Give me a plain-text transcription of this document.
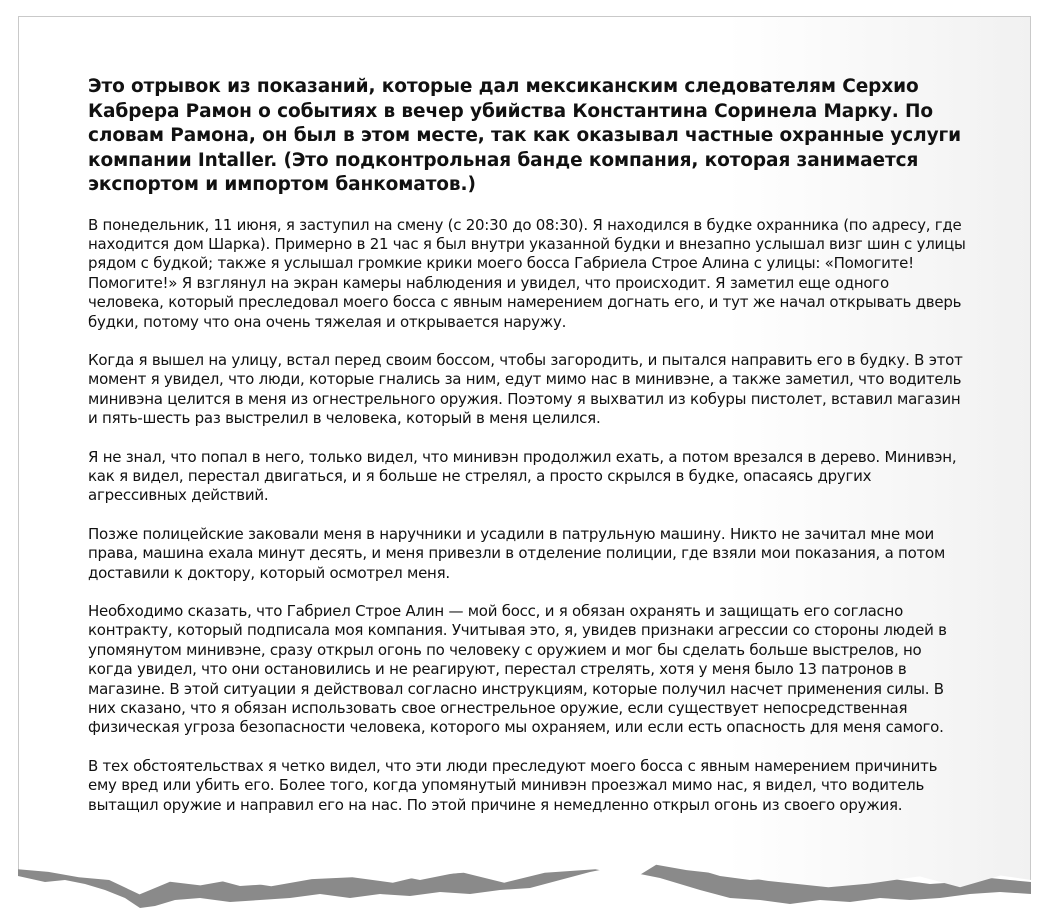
Это отрывок из показаний, которые дал мексиканским следователям Серхио Кабрера Рамон о событиях в вечер убийства Константина Соринела Марку. По словам Рамона, он был в этом месте, так как оказывал частные охранные услуги компании Intaller. (Это подконтрольная банде компания, которая занимается экспортом и импортом банкоматов.)

В понедельник, 11 июня, я заступил на смену (с 20:30 до 08:30). Я находился в будке охранника (по адресу, где находится дом Шарка). Примерно в 21 час я был внутри указанной будки и внезапно услышал визг шин с улицы рядом с будкой; также я услышал громкие крики моего босса Габриела Строе Алина с улицы: «Помогите! Помогите!» Я взглянул на экран камеры наблюдения и увидел, что происходит. Я заметил еще одного человека, который преследовал моего босса с явным намерением догнать его, и тут же начал открывать дверь будки, потому что она очень тяжелая и открывается наружу.

Когда я вышел на улицу, встал перед своим боссом, чтобы загородить, и пытался направить его в будку. В этот момент я увидел, что люди, которые гнались за ним, едут мимо нас в минивэне, а также заметил, что водитель минивэна целится в меня из огнестрельного оружия. Поэтому я выхватил из кобуры пистолет, вставил магазин и пять-шесть раз выстрелил в человека, который в меня целился.

Я не знал, что попал в него, только видел, что минивэн продолжил ехать, а потом врезался в дерево. Минивэн, как я видел, перестал двигаться, и я больше не стрелял, а просто скрылся в будке, опасаясь других агрессивных действий.

Позже полицейские заковали меня в наручники и усадили в патрульную машину. Никто не зачитал мне мои права, машина ехала минут десять, и меня привезли в отделение полиции, где взяли мои показания, а потом доставили к доктору, который осмотрел меня.

Необходимо сказать, что Габриел Строе Алин — мой босс, и я обязан охранять и защищать его согласно контракту, который подписала моя компания. Учитывая это, я, увидев признаки агрессии со стороны людей в упомянутом минивэне, сразу открыл огонь по человеку с оружием и мог бы сделать больше выстрелов, но когда увидел, что они остановились и не реагируют, перестал стрелять, хотя у меня было 13 патронов в магазине. В этой ситуации я действовал согласно инструкциям, которые получил насчет применения силы. В них сказано, что я обязан использовать свое огнестрельное оружие, если существует непосредственная физическая угроза безопасности человека, которого мы охраняем, или если есть опасность для меня самого.

В тех обстоятельствах я четко видел, что эти люди преследуют моего босса с явным намерением причинить ему вред или убить его. Более того, когда упомянутый минивэн проезжал мимо нас, я видел, что водитель вытащил оружие и направил его на нас. По этой причине я немедленно открыл огонь из своего оружия.
